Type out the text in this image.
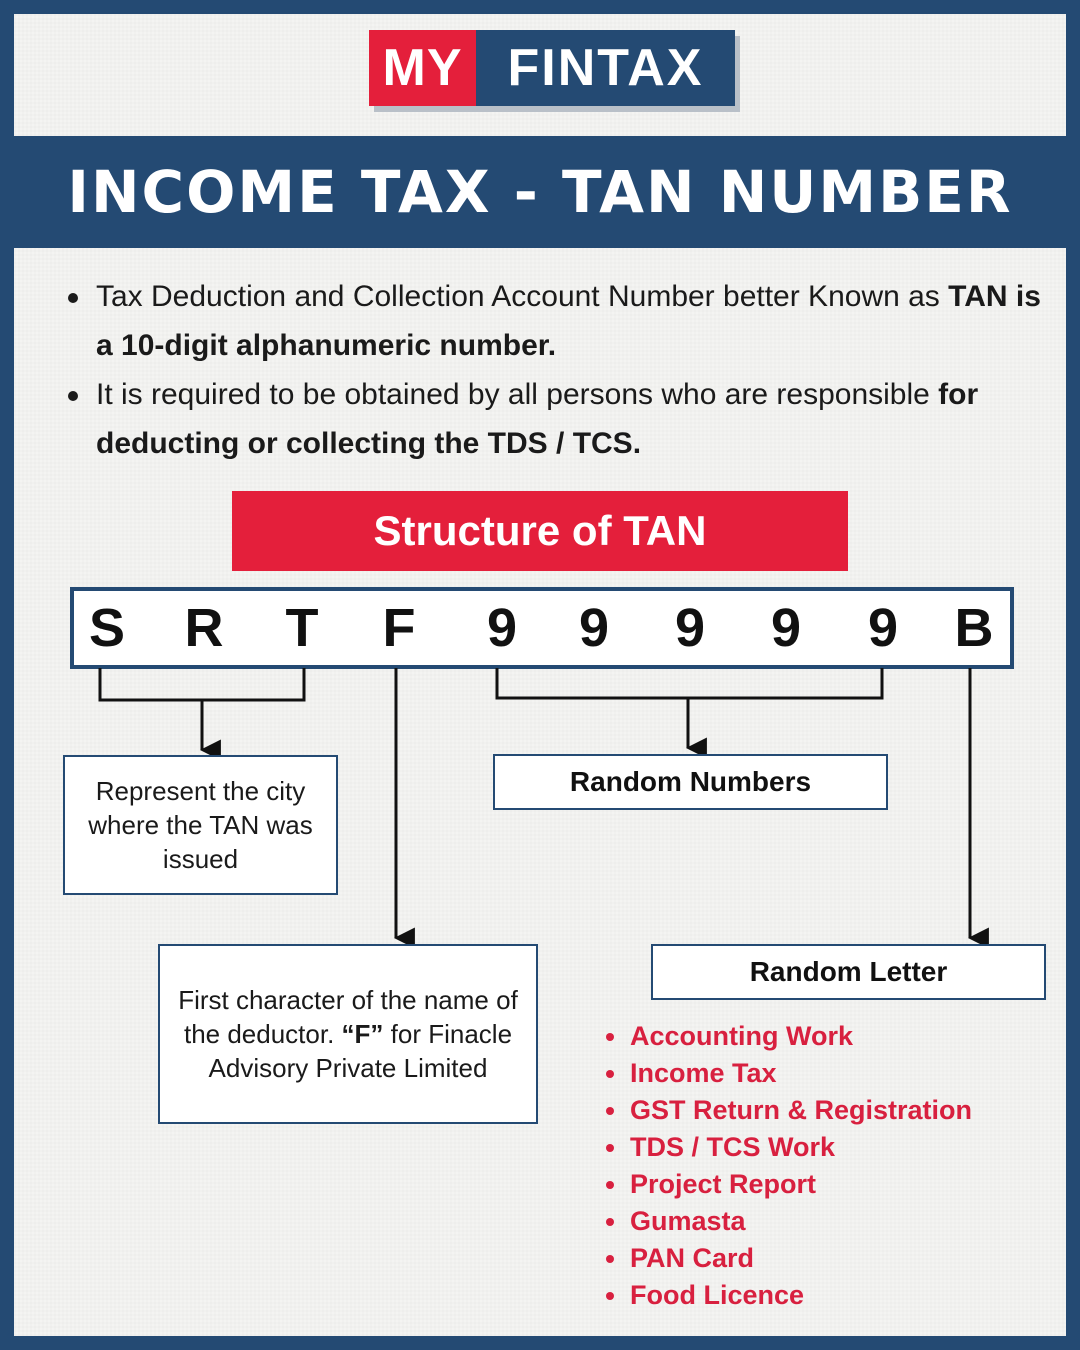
MY FINTAX
INCOME TAX - TAN NUMBER
Tax Deduction and Collection Account Number better Known as TAN is a 10-digit alphanumeric number.
It is required to be obtained by all persons who are responsible for deducting or collecting the TDS / TCS.
Structure of TAN
S R T F 9 9 9 9 9 B
Represent the city where the TAN was issued
First character of the name of the deductor. “F” for Finacle Advisory Private Limited
Random Numbers
Random Letter
Accounting Work
Income Tax
GST Return & Registration
TDS / TCS Work
Project Report
Gumasta
PAN Card
Food Licence
